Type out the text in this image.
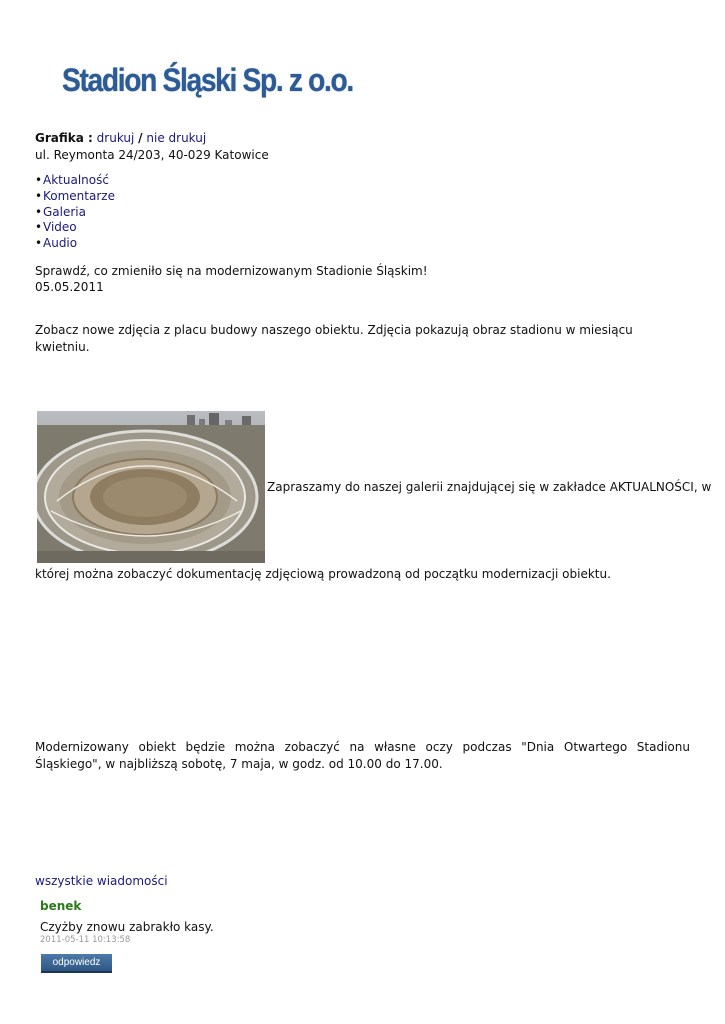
Stadion Śląski Sp. z o.o.
Grafika : drukuj / nie drukuj
ul. Reymonta 24/203, 40-029 Katowice
•Aktualność
•Komentarze
•Galeria
•Video
•Audio
Sprawdź, co zmieniło się na modernizowanym Stadionie Śląskim!
05.05.2011
Zobacz nowe zdjęcia z placu budowy naszego obiektu. Zdjęcia pokazują obraz stadionu w miesiącu kwietniu.
Zapraszamy do naszej galerii znajdującej się w zakładce AKTUALNOŚCI, w
której można zobaczyć dokumentację zdjęciową prowadzoną od początku modernizacji obiektu.
Modernizowany obiekt będzie można zobaczyć na własne oczy podczas "Dnia Otwartego Stadionu Śląskiego", w najbliższą sobotę, 7 maja, w godz. od 10.00 do 17.00.
wszystkie wiadomości
benek
Czyżby znowu zabrakło kasy.
2011-05-11 10:13:58
odpowiedz
